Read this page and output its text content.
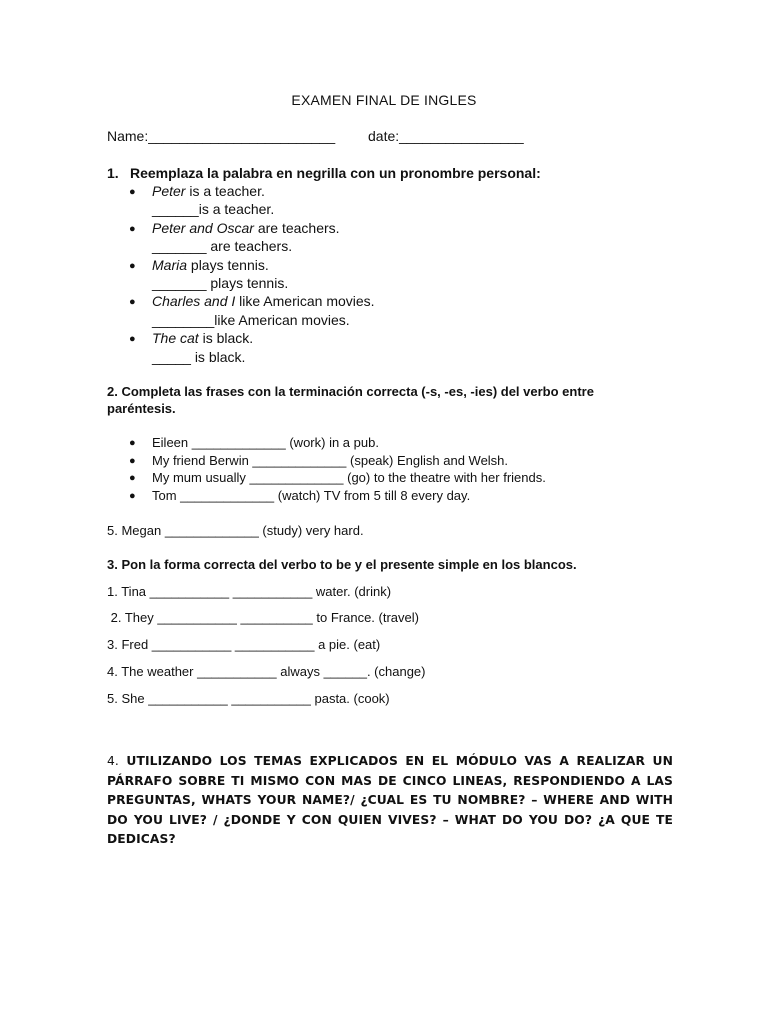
EXAMEN FINAL DE INGLES
Name:________________________ date:________________
1. Reemplaza la palabra en negrilla con un pronombre personal:
● Peter is a teacher.
______is a teacher.
● Peter and Oscar are teachers.
_______ are teachers.
● Maria plays tennis.
_______ plays tennis.
● Charles and I like American movies.
________like American movies.
● The cat is black.
_____ is black.
2. Completa las frases con la terminación correcta (-s, -es, -ies) del verbo entre paréntesis.
● Eileen _____________ (work) in a pub.
● My friend Berwin _____________ (speak) English and Welsh.
● My mum usually _____________ (go) to the theatre with her friends.
● Tom _____________ (watch) TV from 5 till 8 every day.
5. Megan _____________ (study) very hard.
3. Pon la forma correcta del verbo to be y el presente simple en los blancos.
1. Tina ___________ ___________ water. (drink)
2. They ___________ __________ to France. (travel)
3. Fred ___________ ___________ a pie. (eat)
4. The weather ___________ always ______. (change)
5. She ___________ ___________ pasta. (cook)
4. UTILIZANDO LOS TEMAS EXPLICADOS EN EL MÓDULO VAS A REALIZAR UN PÁRRAFO SOBRE TI MISMO CON MAS DE CINCO LINEAS, RESPONDIENDO A LAS PREGUNTAS, WHATS YOUR NAME?/ ¿CUAL ES TU NOMBRE? – WHERE AND WITH DO YOU LIVE? / ¿DONDE Y CON QUIEN VIVES? – WHAT DO YOU DO? ¿A QUE TE DEDICAS?
